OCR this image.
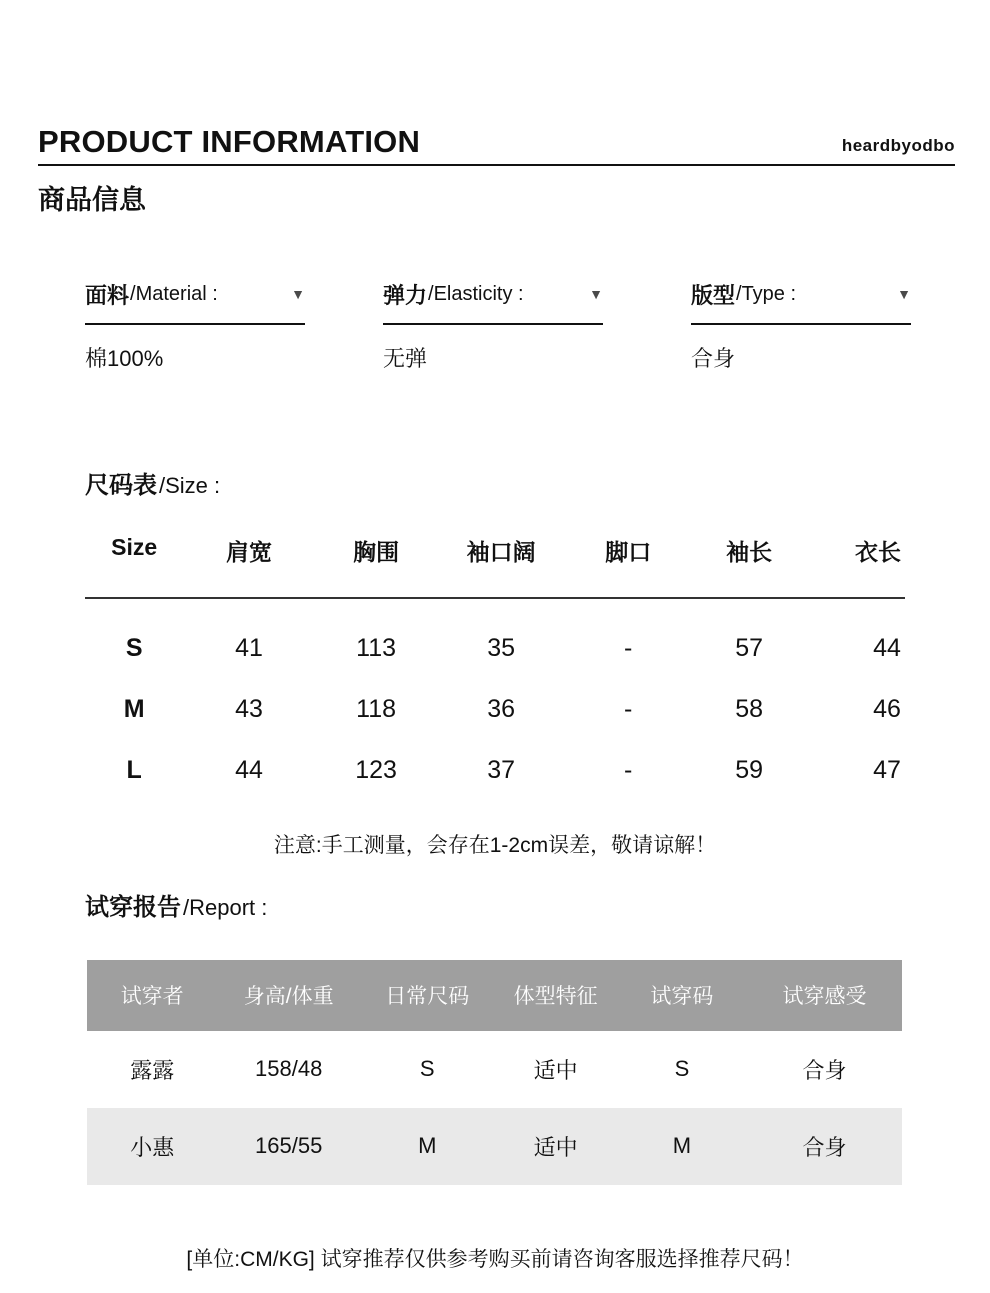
PRODUCT INFORMATION	heardbyodbo
商品信息
面料 /Material :	▼
棉100%
弹力 /Elasticity :	▼
无弹
版型 /Type :	▼
合身
尺码表/Size :
Size	肩宽	胸围	袖口阔	脚口	袖长	衣长
S	41	113	35	-	57	44
M	43	118	36	-	58	46
L	44	123	37	-	59	47
注意:手工测量，会存在1-2cm误差，敬请谅解！
试穿报告/Report :
试穿者	身高/体重	日常尺码	体型特征	试穿码	试穿感受
露露	158/48	S	适中	S	合身
小惠	165/55	M	适中	M	合身
[单位:CM/KG] 试穿推荐仅供参考购买前请咨询客服选择推荐尺码！
